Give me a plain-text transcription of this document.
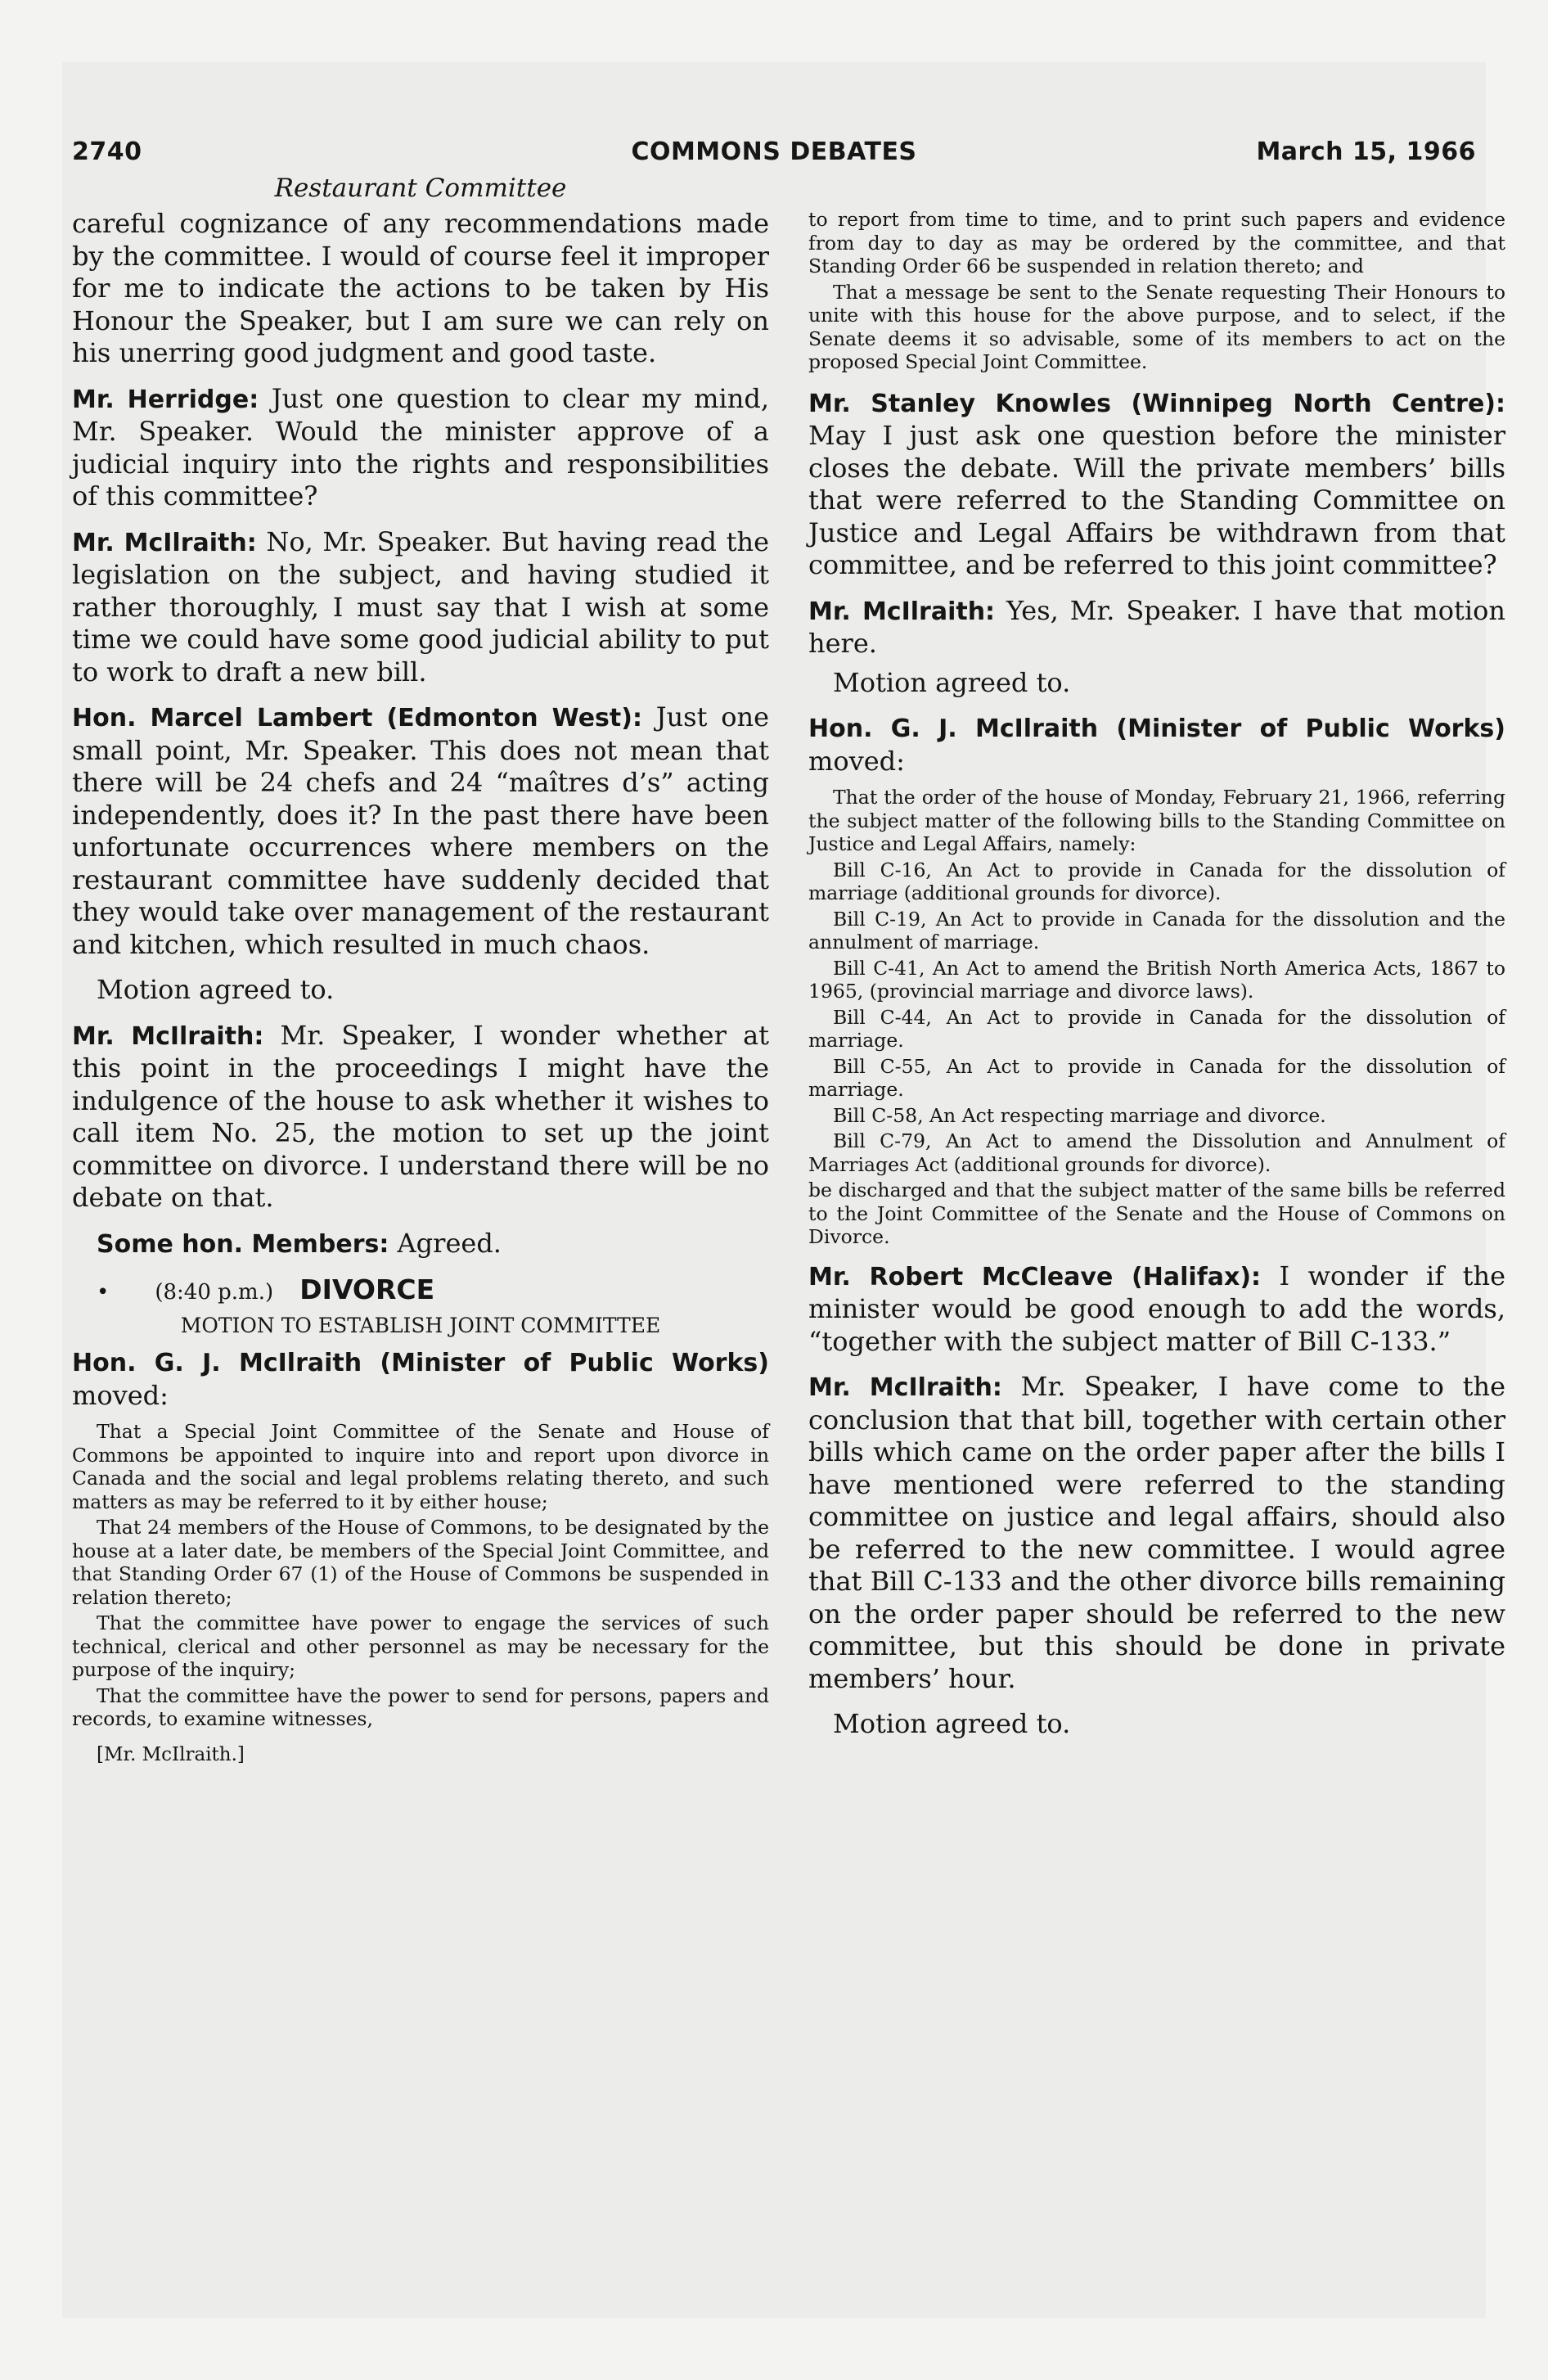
2740	COMMONS DEBATES	March 15, 1966
Restaurant Committee

careful cognizance of any recommendations made by the committee. I would of course feel it improper for me to indicate the actions to be taken by His Honour the Speaker, but I am sure we can rely on his unerring good judgment and good taste.

Mr. Herridge: Just one question to clear my mind, Mr. Speaker. Would the minister approve of a judicial inquiry into the rights and responsibilities of this committee?

Mr. McIlraith: No, Mr. Speaker. But having read the legislation on the subject, and having studied it rather thoroughly, I must say that I wish at some time we could have some good judicial ability to put to work to draft a new bill.

Hon. Marcel Lambert (Edmonton West): Just one small point, Mr. Speaker. This does not mean that there will be 24 chefs and 24 “maîtres d’s” acting independently, does it? In the past there have been unfortunate occurrences where members on the restaurant committee have suddenly decided that they would take over management of the restaurant and kitchen, which resulted in much chaos.

Motion agreed to.

Mr. McIlraith: Mr. Speaker, I wonder whether at this point in the proceedings I might have the indulgence of the house to ask whether it wishes to call item No. 25, the motion to set up the joint committee on divorce. I understand there will be no debate on that.

Some hon. Members: Agreed.

• (8:40 p.m.) DIVORCE
MOTION TO ESTABLISH JOINT COMMITTEE

Hon. G. J. McIlraith (Minister of Public Works) moved:

That a Special Joint Committee of the Senate and House of Commons be appointed to inquire into and report upon divorce in Canada and the social and legal problems relating thereto, and such matters as may be referred to it by either house;

That 24 members of the House of Commons, to be designated by the house at a later date, be members of the Special Joint Committee, and that Standing Order 67 (1) of the House of Commons be suspended in relation thereto;

That the committee have power to engage the services of such technical, clerical and other personnel as may be necessary for the purpose of the inquiry;

That the committee have the power to send for persons, papers and records, to examine witnesses,

[Mr. McIlraith.]

to report from time to time, and to print such papers and evidence from day to day as may be ordered by the committee, and that Standing Order 66 be suspended in relation thereto; and

That a message be sent to the Senate requesting Their Honours to unite with this house for the above purpose, and to select, if the Senate deems it so advisable, some of its members to act on the proposed Special Joint Committee.

Mr. Stanley Knowles (Winnipeg North Centre): May I just ask one question before the minister closes the debate. Will the private members’ bills that were referred to the Standing Committee on Justice and Legal Affairs be withdrawn from that committee, and be referred to this joint committee?

Mr. McIlraith: Yes, Mr. Speaker. I have that motion here.

Motion agreed to.

Hon. G. J. McIlraith (Minister of Public Works) moved:

That the order of the house of Monday, February 21, 1966, referring the subject matter of the following bills to the Standing Committee on Justice and Legal Affairs, namely:

Bill C-16, An Act to provide in Canada for the dissolution of marriage (additional grounds for divorce).

Bill C-19, An Act to provide in Canada for the dissolution and the annulment of marriage.

Bill C-41, An Act to amend the British North America Acts, 1867 to 1965, (provincial marriage and divorce laws).

Bill C-44, An Act to provide in Canada for the dissolution of marriage.

Bill C-55, An Act to provide in Canada for the dissolution of marriage.

Bill C-58, An Act respecting marriage and divorce.

Bill C-79, An Act to amend the Dissolution and Annulment of Marriages Act (additional grounds for divorce).

be discharged and that the subject matter of the same bills be referred to the Joint Committee of the Senate and the House of Commons on Divorce.

Mr. Robert McCleave (Halifax): I wonder if the minister would be good enough to add the words, “together with the subject matter of Bill C-133.”

Mr. McIlraith: Mr. Speaker, I have come to the conclusion that that bill, together with certain other bills which came on the order paper after the bills I have mentioned were referred to the standing committee on justice and legal affairs, should also be referred to the new committee. I would agree that Bill C-133 and the other divorce bills remaining on the order paper should be referred to the new committee, but this should be done in private members’ hour.

Motion agreed to.
